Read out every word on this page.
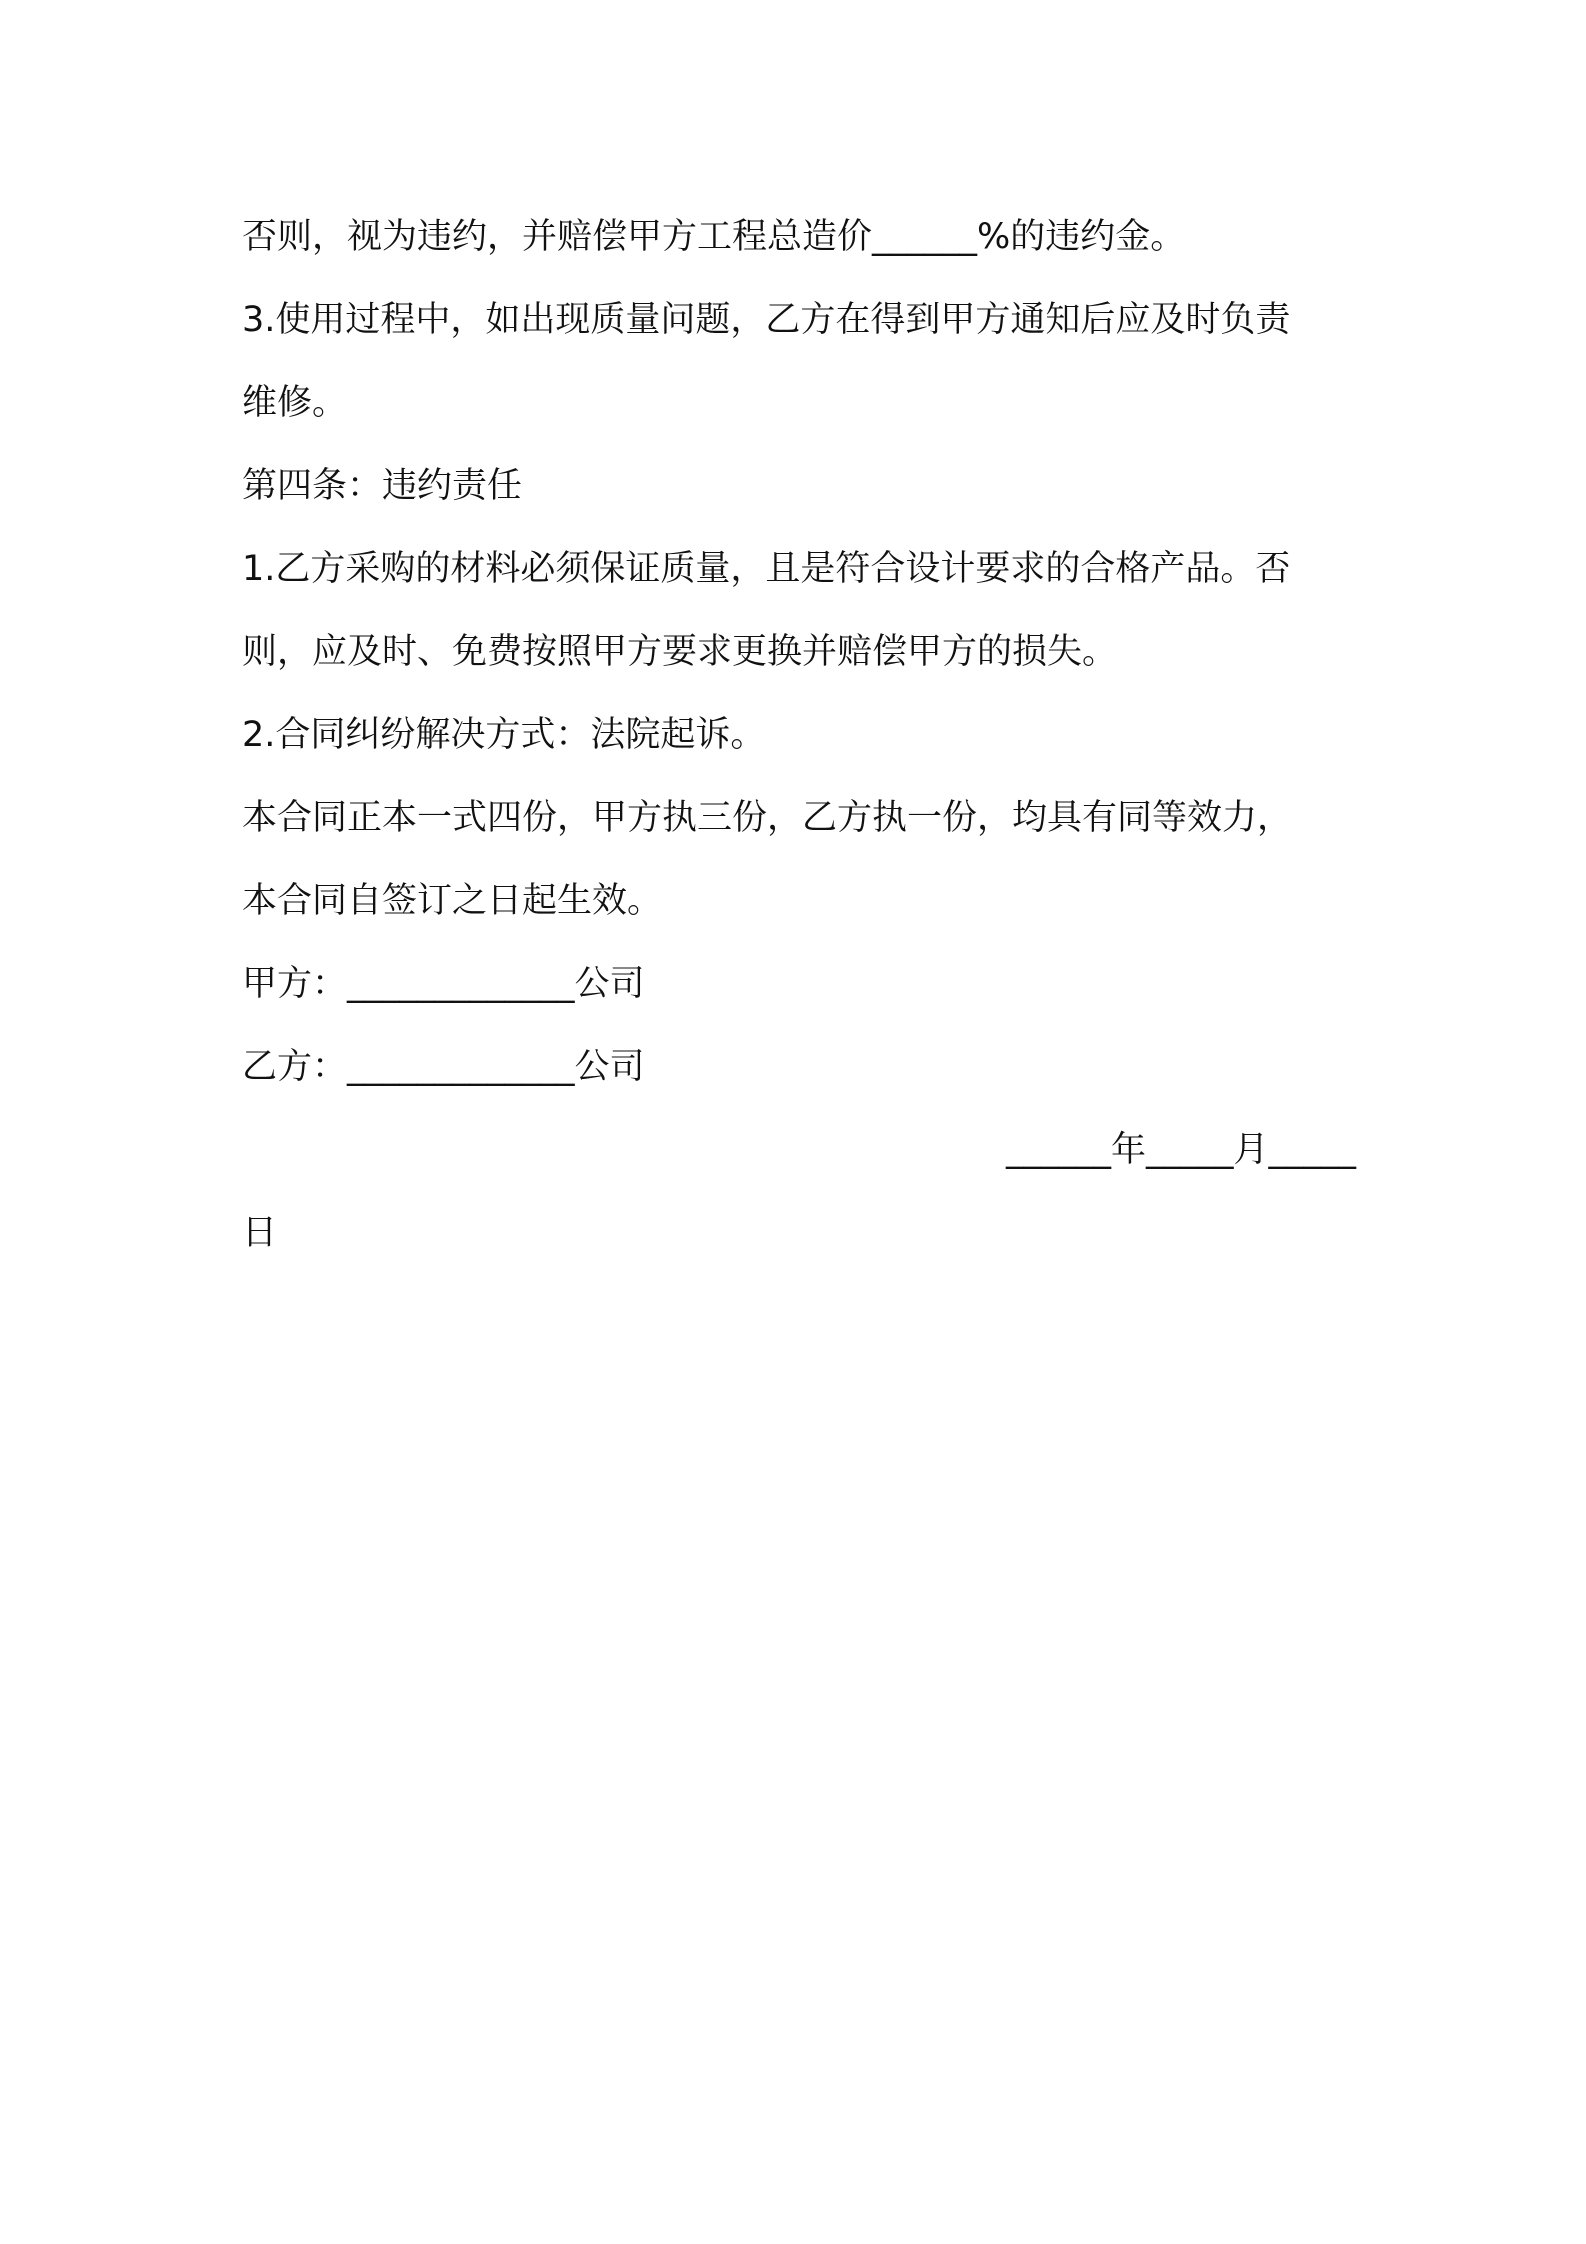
否则，视为违约，并赔偿甲方工程总造价______%的违约金。
3.使用过程中，如出现质量问题，乙方在得到甲方通知后应及时负责
维修。
第四条：违约责任
1.乙方采购的材料必须保证质量，且是符合设计要求的合格产品。否
则，应及时、免费按照甲方要求更换并赔偿甲方的损失。
2.合同纠纷解决方式：法院起诉。
本合同正本一式四份，甲方执三份，乙方执一份，均具有同等效力，
本合同自签订之日起生效。
甲方：_____________公司
乙方：_____________公司
______年_____月_____
日
